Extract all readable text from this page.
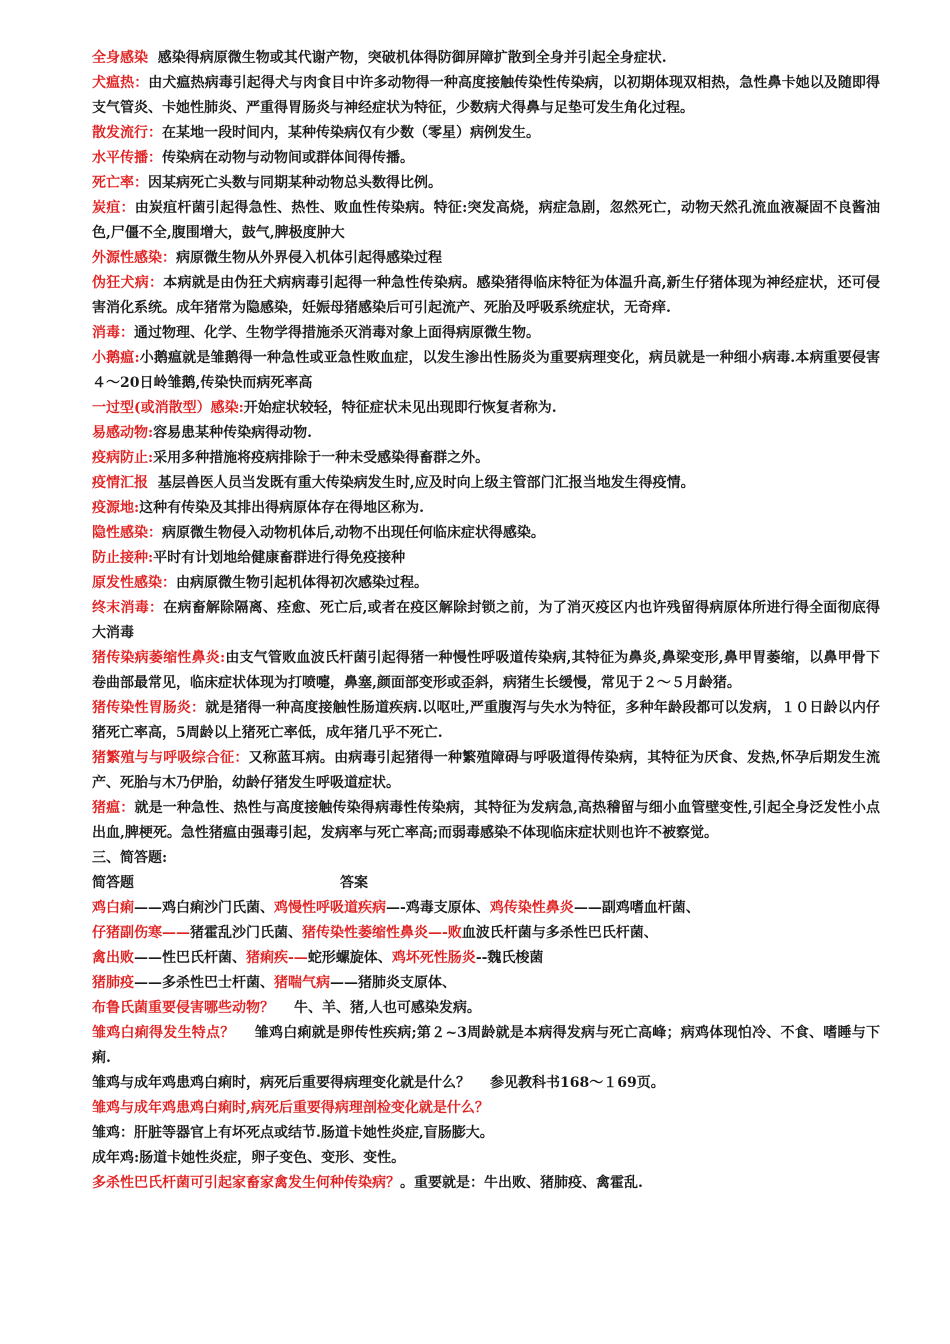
全身感染 感染得病原微生物或其代谢产物，突破机体得防御屏障扩散到全身并引起全身症状.
犬瘟热：由犬瘟热病毒引起得犬与肉食目中许多动物得一种高度接触传染性传染病，以初期体现双相热，急性鼻卡她以及随即得支气管炎、卡她性肺炎、严重得胃肠炎与神经症状为特征，少数病犬得鼻与足垫可发生角化过程。
散发流行：在某地一段时间内，某种传染病仅有少数（零星）病例发生。
水平传播：传染病在动物与动物间或群体间得传播。
死亡率：因某病死亡头数与同期某种动物总头数得比例。
炭疽：由炭疽杆菌引起得急性、热性、败血性传染病。特征:突发高烧，病症急剧，忽然死亡，动物天然孔流血液凝固不良酱油色,尸僵不全,腹围增大，鼓气,脾极度肿大
外源性感染：病原微生物从外界侵入机体引起得感染过程
伪狂犬病：本病就是由伪狂犬病病毒引起得一种急性传染病。感染猪得临床特征为体温升高,新生仔猪体现为神经症状，还可侵害消化系统。成年猪常为隐感染，妊娠母猪感染后可引起流产、死胎及呼吸系统症状，无奇痒.
消毒：通过物理、化学、生物学得措施杀灭消毒对象上面得病原微生物。
小鹅瘟:小鹅瘟就是雏鹅得一种急性或亚急性败血症，以发生渗出性肠炎为重要病理变化，病员就是一种细小病毒.本病重要侵害４～20日岭雏鹅,传染快而病死率高
一过型(或消散型）感染:开始症状较轻，特征症状未见出现即行恢复者称为.
易感动物:容易患某种传染病得动物.
疫病防止:采用多种措施将疫病排除于一种未受感染得畜群之外。
疫情汇报 基层兽医人员当发既有重大传染病发生时,应及时向上级主管部门汇报当地发生得疫情。
疫源地:这种有传染及其排出得病原体存在得地区称为.
隐性感染：病原微生物侵入动物机体后,动物不出现任何临床症状得感染。
防止接种:平时有计划地给健康畜群进行得免疫接种
原发性感染：由病原微生物引起机体得初次感染过程。
终末消毒：在病畜解除隔离、痊愈、死亡后,或者在疫区解除封锁之前，为了消灭疫区内也许残留得病原体所进行得全面彻底得大消毒
猪传染病萎缩性鼻炎:由支气管败血波氏杆菌引起得猪一种慢性呼吸道传染病,其特征为鼻炎,鼻梁变形,鼻甲胃萎缩，以鼻甲骨下卷曲部最常见，临床症状体现为打喷嚏，鼻塞,颜面部变形或歪斜，病猪生长缓慢，常见于２～５月龄猪。
猪传染性胃肠炎：就是猪得一种高度接触性肠道疾病.以呕吐,严重腹泻与失水为特征，多种年龄段都可以发病，１０日龄以内仔猪死亡率高，5周龄以上猪死亡率低，成年猪几乎不死亡.
猪繁殖与与呼吸综合征：又称蓝耳病。由病毒引起猪得一种繁殖障碍与呼吸道得传染病，其特征为厌食、发热,怀孕后期发生流产、死胎与木乃伊胎，幼龄仔猪发生呼吸道症状。
猪瘟：就是一种急性、热性与高度接触传染得病毒性传染病，其特征为发病急,高热稽留与细小血管壁变性,引起全身泛发性小点出血,脾梗死。急性猪瘟由强毒引起，发病率与死亡率高;而弱毒感染不体现临床症状则也许不被察觉。
三、简答题:
简答题	答案
鸡白痢——鸡白痢沙门氏菌、鸡慢性呼吸道疾病—-鸡毒支原体、鸡传染性鼻炎——副鸡嗜血杆菌、
仔猪副伤寒——猪霍乱沙门氏菌、猪传染性萎缩性鼻炎—-败血波氏杆菌与多杀性巴氏杆菌、
禽出败——性巴氏杆菌、猪痢疾-—蛇形螺旋体、鸡坏死性肠炎--魏氏梭菌
猪肺疫——多杀性巴士杆菌、猪喘气病——猪肺炎支原体、
布鲁氏菌重要侵害哪些动物？ 牛、羊、猪,人也可感染发病。
雏鸡白痢得发生特点？ 雏鸡白痢就是卵传性疾病;第２~3周龄就是本病得发病与死亡高峰；病鸡体现怕冷、不食、嗜睡与下痢.
雏鸡与成年鸡患鸡白痢时，病死后重要得病理变化就是什么？ 参见教科书168～１69页。
雏鸡与成年鸡患鸡白痢时,病死后重要得病理剖检变化就是什么？
雏鸡：肝脏等器官上有坏死点或结节.肠道卡她性炎症,盲肠膨大。
成年鸡:肠道卡她性炎症，卵子变色、变形、变性。
多杀性巴氏杆菌可引起家畜家禽发生何种传染病？。重要就是：牛出败、猪肺疫、禽霍乱.
